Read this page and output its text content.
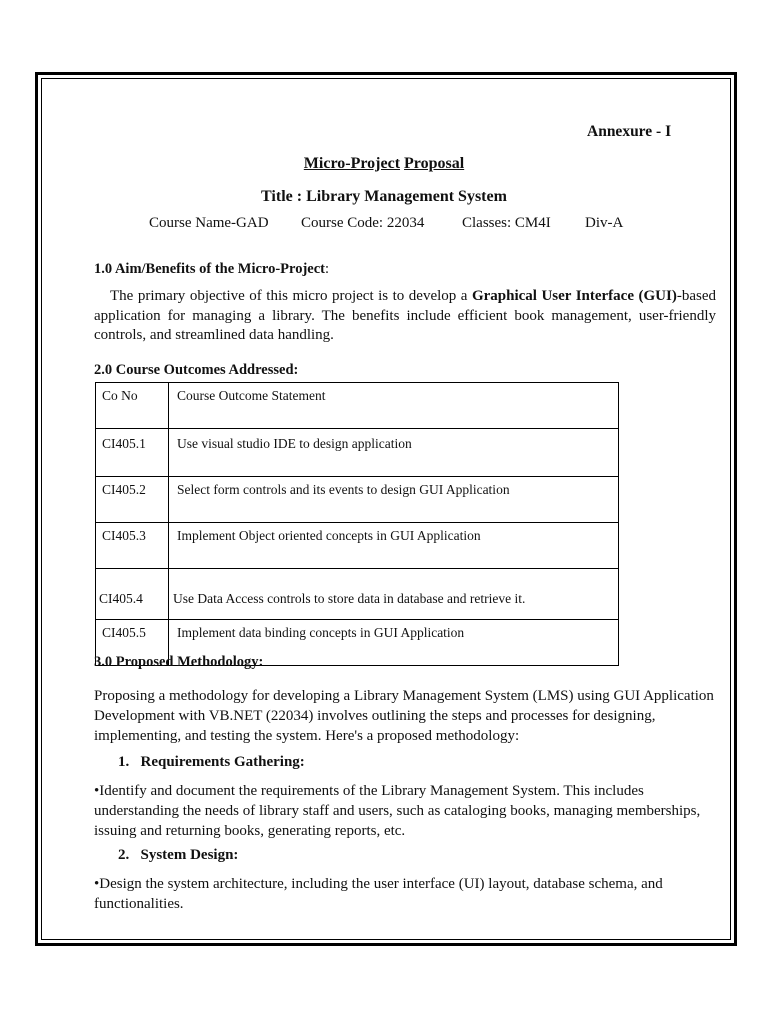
Annexure - I
Micro-Project Proposal
Title : Library Management System
Course Name-GAD Course Code: 22034	Classes: CM4I Div-A
1.0 Aim/Benefits of the Micro-Project:
The primary objective of this micro project is to develop a Graphical User Interface (GUI)-based application for managing a library. The benefits include efficient book management, user-friendly controls, and streamlined data handling.
2.0 Course Outcomes Addressed:
Co No	Course Outcome Statement
CI405.1	Use visual studio IDE to design application
CI405.2	Select form controls and its events to design GUI Application
CI405.3	Implement Object oriented concepts in GUI Application
CI405.4	Use Data Access controls to store data in database and retrieve it.
CI405.5	Implement data binding concepts in GUI Application
3.0 Proposed Methodology:
Proposing a methodology for developing a Library Management System (LMS) using GUI Application Development with VB.NET (22034) involves outlining the steps and processes for designing, implementing, and testing the system. Here's a proposed methodology:
1. Requirements Gathering:
•Identify and document the requirements of the Library Management System. This includes understanding the needs of library staff and users, such as cataloging books, managing memberships, issuing and returning books, generating reports, etc.
2. System Design:
•Design the system architecture, including the user interface (UI) layout, database schema, and functionalities.
